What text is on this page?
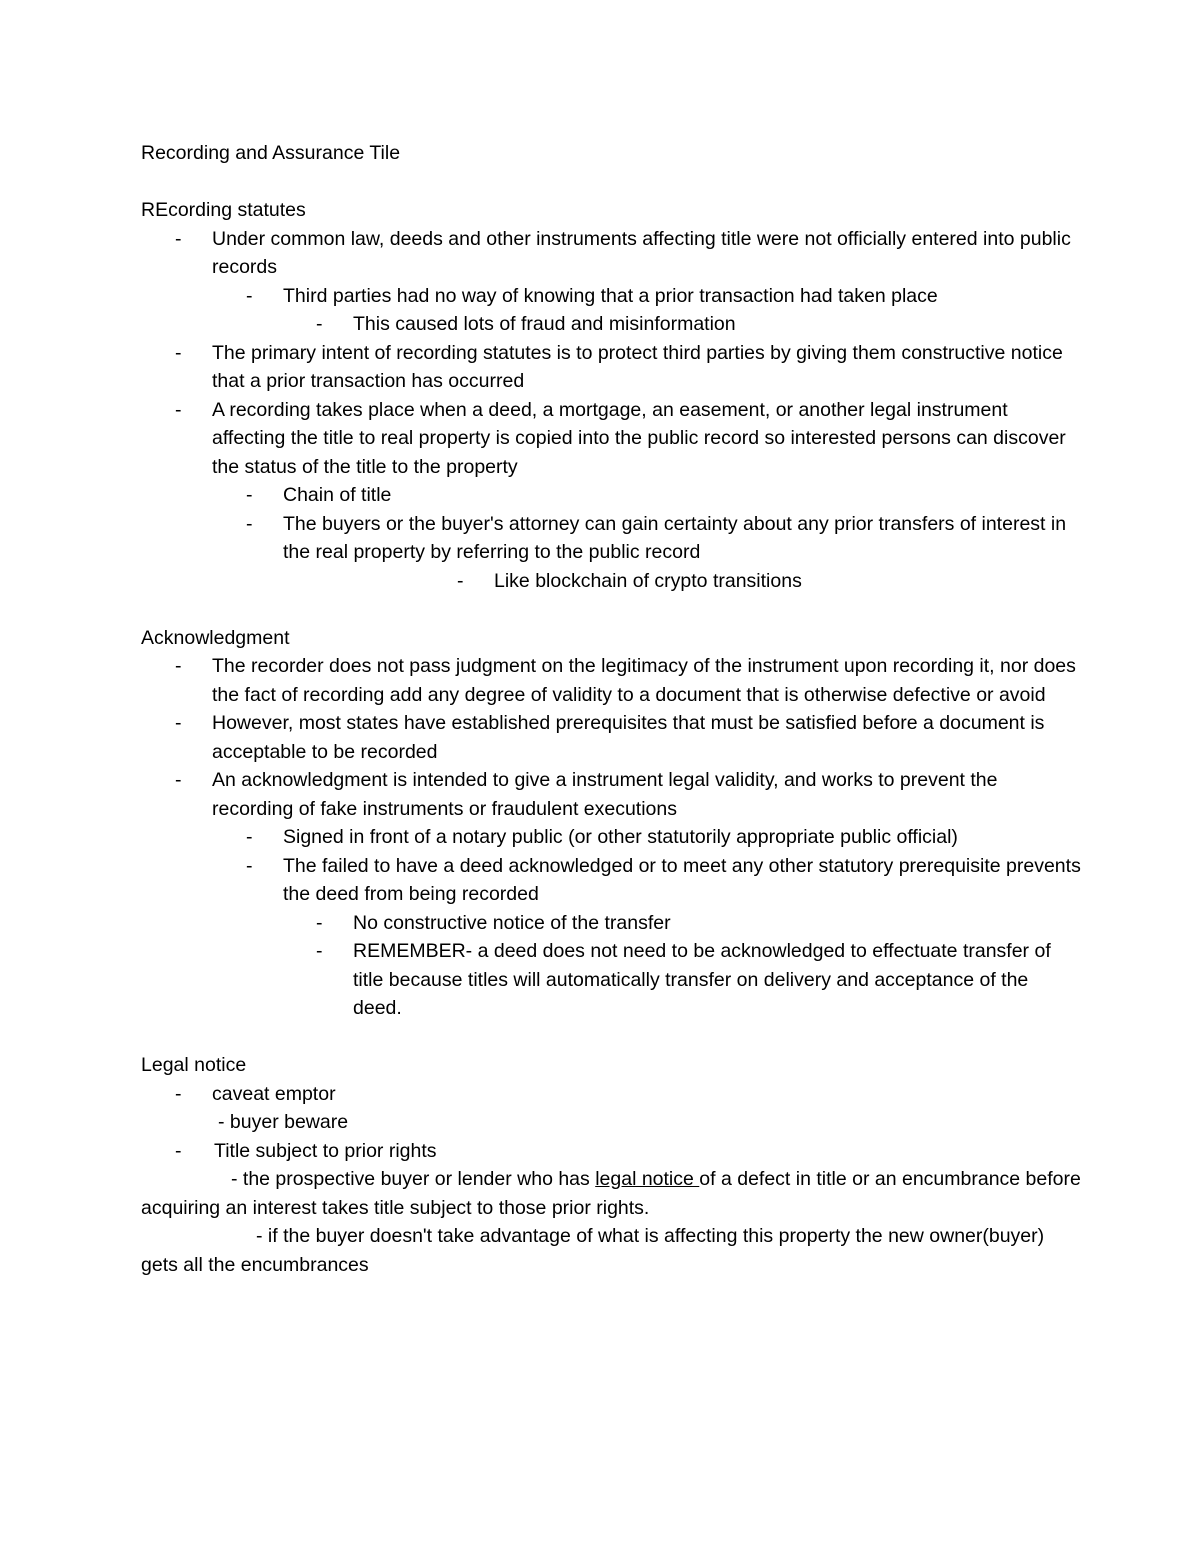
Recording and Assurance Tile
REcording statutes
- Under common law, deeds and other instruments affecting title were not officially entered into public records
- Third parties had no way of knowing that a prior transaction had taken place
- This caused lots of fraud and misinformation
- The primary intent of recording statutes is to protect third parties by giving them constructive notice that a prior transaction has occurred
- A recording takes place when a deed, a mortgage, an easement, or another legal instrument affecting the title to real property is copied into the public record so interested persons can discover the status of the title to the property
- Chain of title
- The buyers or the buyer's attorney can gain certainty about any prior transfers of interest in the real property by referring to the public record
- Like blockchain of crypto transitions
Acknowledgment
- The recorder does not pass judgment on the legitimacy of the instrument upon recording it, nor does the fact of recording add any degree of validity to a document that is otherwise defective or avoid
- However, most states have established prerequisites that must be satisfied before a document is acceptable to be recorded
- An acknowledgment is intended to give a instrument legal validity, and works to prevent the recording of fake instruments or fraudulent executions
- Signed in front of a notary public (or other statutorily appropriate public official)
- The failed to have a deed acknowledged or to meet any other statutory prerequisite prevents the deed from being recorded
- No constructive notice of the transfer
- REMEMBER- a deed does not need to be acknowledged to effectuate transfer of title because titles will automatically transfer on delivery and acceptance of the deed.
Legal notice
- caveat emptor
- buyer beware
- Title subject to prior rights
- the prospective buyer or lender who has legal notice of a defect in title or an encumbrance before acquiring an interest takes title subject to those prior rights.
- if the buyer doesn't take advantage of what is affecting this property the new owner(buyer) gets all the encumbrances
